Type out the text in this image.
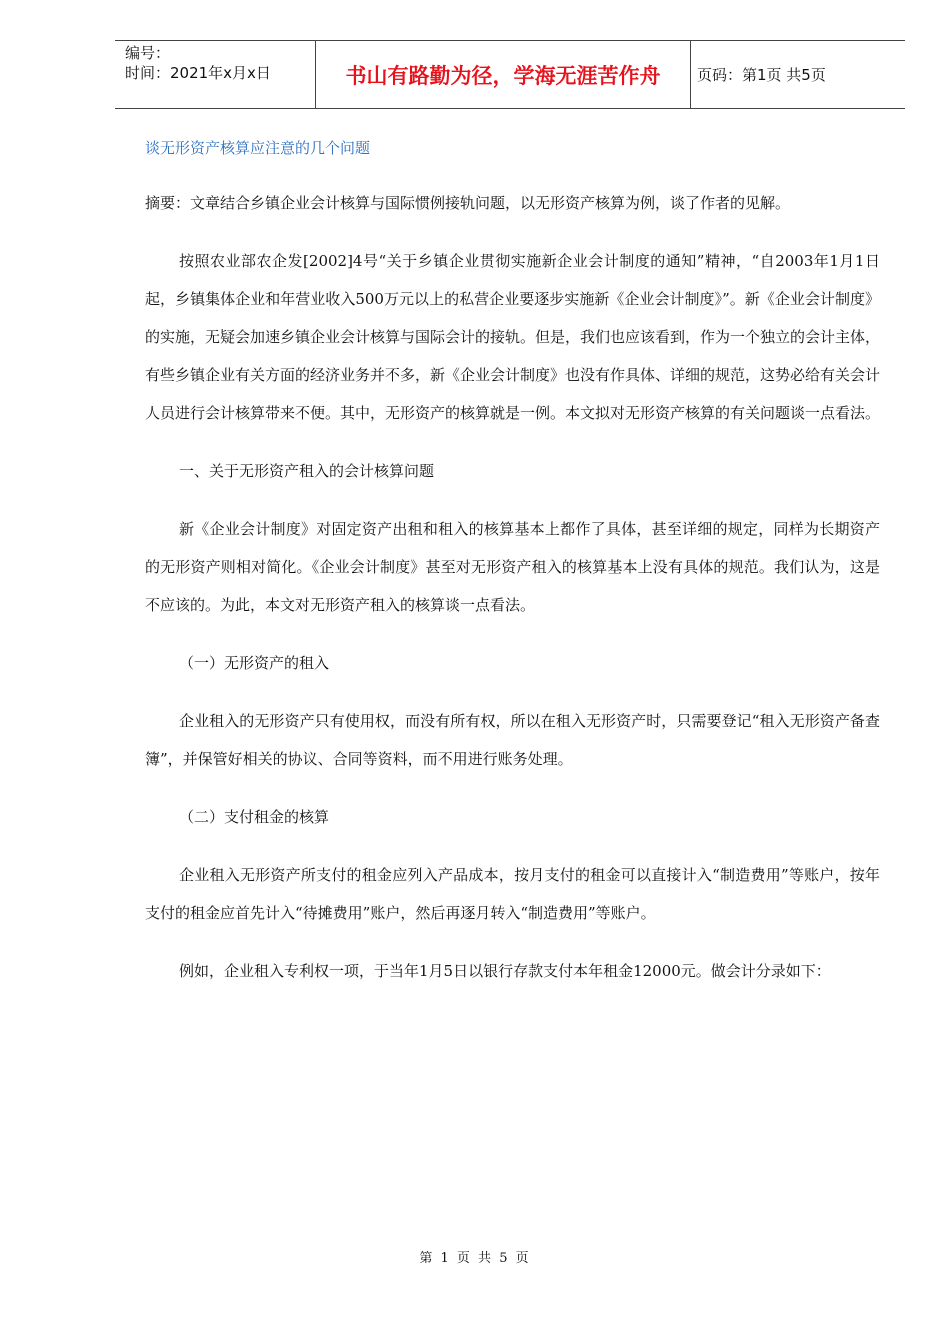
编号：
时间：2021年x月x日	书山有路勤为径，学海无涯苦作舟	页码：第1页 共5页
谈无形资产核算应注意的几个问题

摘要：文章结合乡镇企业会计核算与国际惯例接轨问题，以无形资产核算为例，谈了作者的见解。

按照农业部农企发[2002]4号“关于乡镇企业贯彻实施新企业会计制度的通知”精神，“自2003年1月1日起，乡镇集体企业和年营业收入500万元以上的私营企业要逐步实施新《企业会计制度》”。新《企业会计制度》的实施，无疑会加速乡镇企业会计核算与国际会计的接轨。但是，我们也应该看到，作为一个独立的会计主体，有些乡镇企业有关方面的经济业务并不多，新《企业会计制度》也没有作具体、详细的规范，这势必给有关会计人员进行会计核算带来不便。其中，无形资产的核算就是一例。本文拟对无形资产核算的有关问题谈一点看法。

一、关于无形资产租入的会计核算问题

新《企业会计制度》对固定资产出租和租入的核算基本上都作了具体，甚至详细的规定，同样为长期资产的无形资产则相对简化。《企业会计制度》甚至对无形资产租入的核算基本上没有具体的规范。我们认为，这是不应该的。为此，本文对无形资产租入的核算谈一点看法。

（一）无形资产的租入

企业租入的无形资产只有使用权，而没有所有权，所以在租入无形资产时，只需要登记“租入无形资产备查簿”，并保管好相关的协议、合同等资料，而不用进行账务处理。

（二）支付租金的核算

企业租入无形资产所支付的租金应列入产品成本，按月支付的租金可以直接计入“制造费用”等账户，按年支付的租金应首先计入“待摊费用”账户，然后再逐月转入“制造费用”等账户。

例如，企业租入专利权一项，于当年1月5日以银行存款支付本年租金12000元。做会计分录如下：

第 1 页 共 5 页
